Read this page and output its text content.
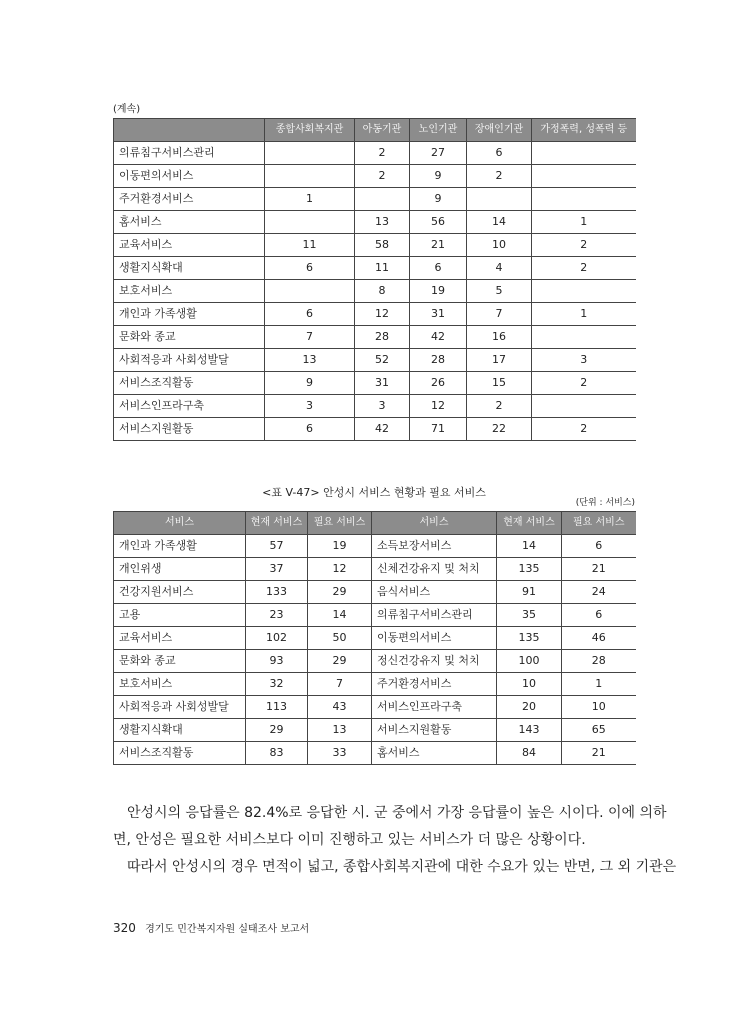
(계속)
	종합사회복지관	아동기관	노인기관	장애인기관	가정폭력, 성폭력 등
의류침구서비스관리		2	27	6	
이동편의서비스		2	9	2	
주거환경서비스	1		9		
홈서비스		13	56	14	1
교육서비스	11	58	21	10	2
생활지식확대	6	11	6	4	2
보호서비스		8	19	5	
개인과 가족생활	6	12	31	7	1
문화와 종교	7	28	42	16	
사회적응과 사회성발달	13	52	28	17	3
서비스조직활동	9	31	26	15	2
서비스인프라구축	3	3	12	2	
서비스지원활동	6	42	71	22	2
<표 V-47> 안성시 서비스 현황과 필요 서비스
(단위 : 서비스)
서비스	현재 서비스	필요 서비스	서비스	현재 서비스	필요 서비스
개인과 가족생활	57	19	소득보장서비스	14	6
개인위생	37	12	신체건강유지 및 처치	135	21
건강지원서비스	133	29	음식서비스	91	24
고용	23	14	의류침구서비스관리	35	6
교육서비스	102	50	이동편의서비스	135	46
문화와 종교	93	29	정신건강유지 및 처치	100	28
보호서비스	32	7	주거환경서비스	10	1
사회적응과 사회성발달	113	43	서비스인프라구축	20	10
생활지식확대	29	13	서비스지원활동	143	65
서비스조직활동	83	33	홈서비스	84	21
안성시의 응답률은 82.4%로 응답한 시. 군 중에서 가장 응답률이 높은 시이다. 이에 의하
면, 안성은 필요한 서비스보다 이미 진행하고 있는 서비스가 더 많은 상황이다.
따라서 안성시의 경우 면적이 넓고, 종합사회복지관에 대한 수요가 있는 반면, 그 외 기관은
320 경기도 민간복지자원 실태조사 보고서
